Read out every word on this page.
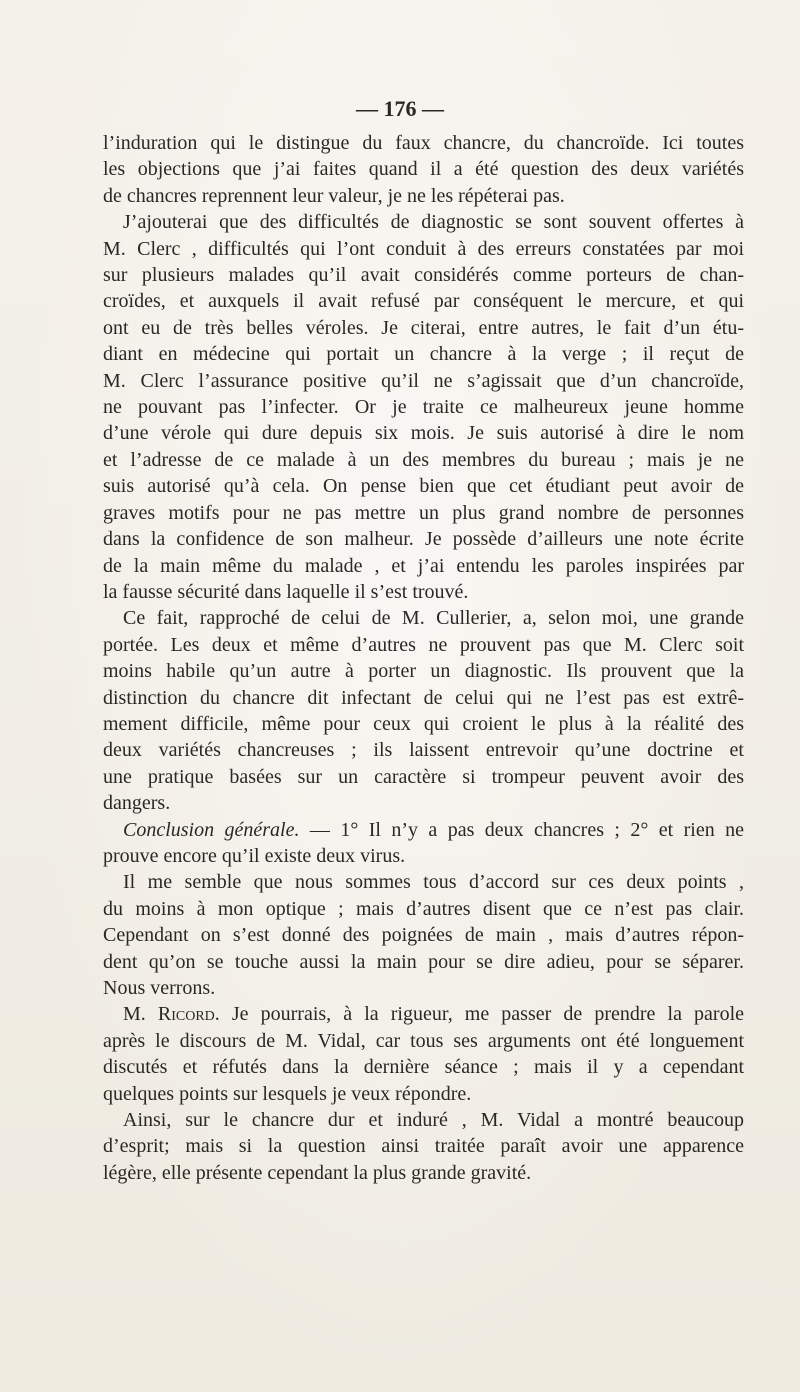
— 176 —

l’induration qui le distingue du faux chancre, du chancroïde. Ici toutes
les objections que j’ai faites quand il a été question des deux variétés
de chancres reprennent leur valeur, je ne les répéterai pas.

J’ajouterai que des difficultés de diagnostic se sont souvent offertes à
M. Clerc , difficultés qui l’ont conduit à des erreurs constatées par moi
sur plusieurs malades qu’il avait considérés comme porteurs de chan-
croïdes, et auxquels il avait refusé par conséquent le mercure, et qui
ont eu de très belles véroles. Je citerai, entre autres, le fait d’un étu-
diant en médecine qui portait un chancre à la verge ; il reçut de
M. Clerc l’assurance positive qu’il ne s’agissait que d’un chancroïde,
ne pouvant pas l’infecter. Or je traite ce malheureux jeune homme
d’une vérole qui dure depuis six mois. Je suis autorisé à dire le nom
et l’adresse de ce malade à un des membres du bureau ; mais je ne
suis autorisé qu’à cela. On pense bien que cet étudiant peut avoir de
graves motifs pour ne pas mettre un plus grand nombre de personnes
dans la confidence de son malheur. Je possède d’ailleurs une note écrite
de la main même du malade , et j’ai entendu les paroles inspirées par
la fausse sécurité dans laquelle il s’est trouvé.

Ce fait, rapproché de celui de M. Cullerier, a, selon moi, une grande
portée. Les deux et même d’autres ne prouvent pas que M. Clerc soit
moins habile qu’un autre à porter un diagnostic. Ils prouvent que la
distinction du chancre dit infectant de celui qui ne l’est pas est extrê-
mement difficile, même pour ceux qui croient le plus à la réalité des
deux variétés chancreuses ; ils laissent entrevoir qu’une doctrine et
une pratique basées sur un caractère si trompeur peuvent avoir des
dangers.

Conclusion générale. — 1° Il n’y a pas deux chancres ; 2° et rien ne
prouve encore qu’il existe deux virus.

Il me semble que nous sommes tous d’accord sur ces deux points ,
du moins à mon optique ; mais d’autres disent que ce n’est pas clair.
Cependant on s’est donné des poignées de main , mais d’autres répon-
dent qu’on se touche aussi la main pour se dire adieu, pour se séparer.
Nous verrons.

M. Ricord. Je pourrais, à la rigueur, me passer de prendre la parole
après le discours de M. Vidal, car tous ses arguments ont été longuement
discutés et réfutés dans la dernière séance ; mais il y a cependant
quelques points sur lesquels je veux répondre.

Ainsi, sur le chancre dur et induré , M. Vidal a montré beaucoup
d’esprit; mais si la question ainsi traitée paraît avoir une apparence
légère, elle présente cependant la plus grande gravité.
